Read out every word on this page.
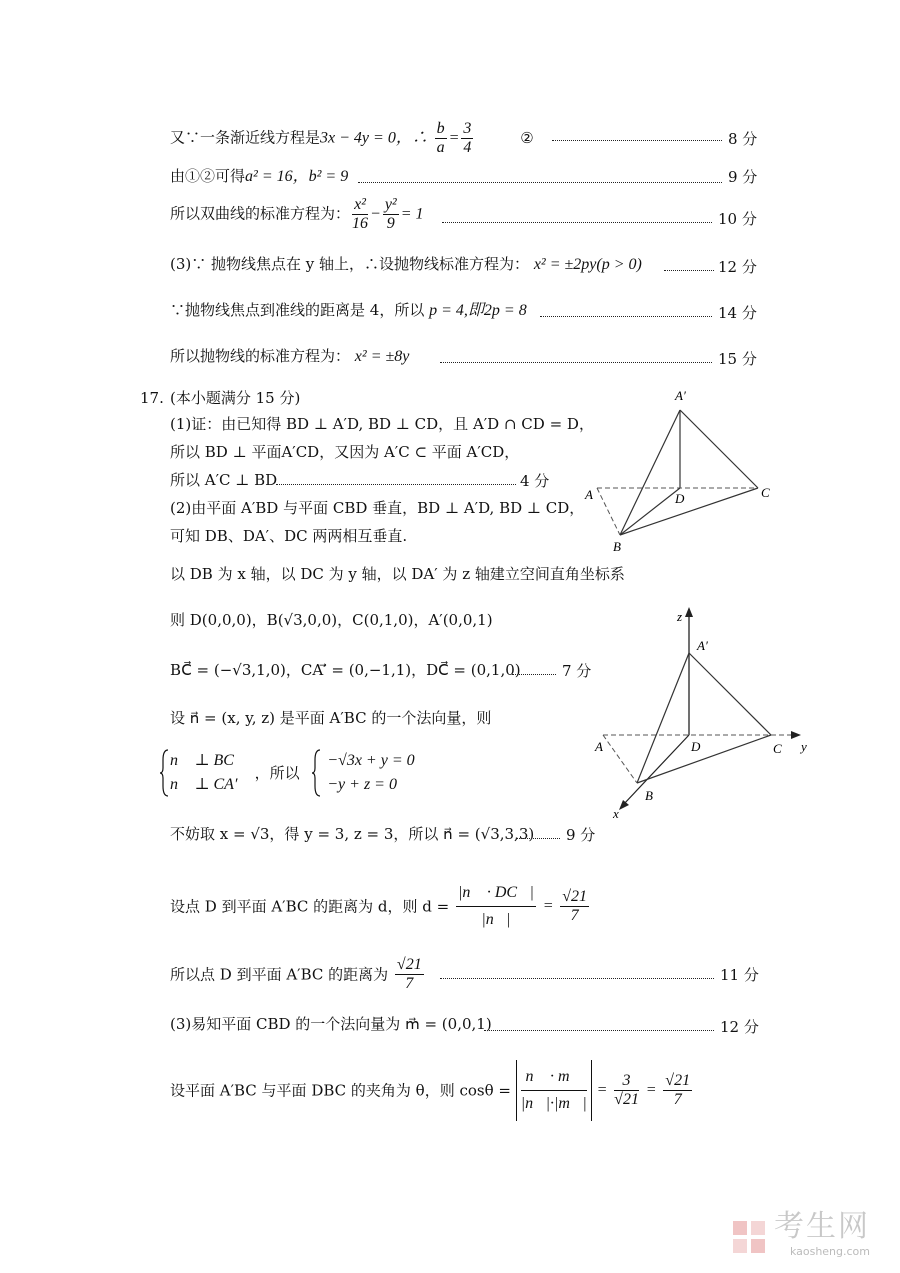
又∵一条渐近线方程是3x − 4y = 0，∴ $\frac{b}{a} = \frac{3}{4}$	②	8 分
由①②可得a² = 16，b² = 9	9 分
所以双曲线的标准方程为： $\frac{\text{x²}}{16} - \frac{\text{y²}}{9} = 1$	10 分
(3)∵ 抛物线焦点在 y 轴上，∴设抛物线标准方程为： x² = ±2py(p > 0)	12 分
∵抛物线焦点到准线的距离是 4，所以 p = 4,即2p = 8	14 分
所以抛物线的标准方程为： x² = ±8y	15 分
17. (本小题满分 15 分)
(1)证：由已知得 BD ⊥ A′D, BD ⊥ CD，且 A′D ∩ CD = D，
所以 BD ⊥ 平面A′CD，又因为 A′C ⊂ 平面 A′CD，
所以 A′C ⊥ BD	4 分
(2)由平面 A′BD 与平面 CBD 垂直，BD ⊥ A′D, BD ⊥ CD，
可知 DB、DA′、DC 两两相互垂直.
以 DB 为 x 轴，以 DC 为 y 轴，以 DA′ 为 z 轴建立空间直角坐标系
则 D(0,0,0)，B(√3,0,0)，C(0,1,0)，A′(0,0,1)
BC⃗ = (−√3,1,0)，CA′⃗ = (0,−1,1)，DC⃗ = (0,1,0)	7 分
设 n⃗ = (x, y, z) 是平面 A′BC 的一个法向量，则
n⃗ ⊥ BC⃗
n⃗ ⊥ CA′⃗
，所以
−√3x + y = 0
−y + z = 0
不妨取 x = √3，得 y = 3, z = 3，所以 n⃗ = (√3,3,3) 9 分
设点 D 到平面 A′BC 的距离为 d，则 $d = \frac{|n⃗ \cdot DC⃗|}{|n⃗|} = \frac{√21}{7}$
所以点 D 到平面 A′BC 的距离为 $\frac{√21}{7}$	11 分
(3)易知平面 CBD 的一个法向量为 m⃗ = (0,0,1)	12 分
设平面 A′BC 与平面 DBC 的夹角为 θ，则 $\cos\theta = \frac{n⃗ \cdot m⃗}{|n⃗|\cdot|m⃗|} = \frac{3}{√21} = \frac{√21}{7}$
A′
A	D	C
B
z
A′
A	D	C y
B
x
考生网
kaosheng.com
